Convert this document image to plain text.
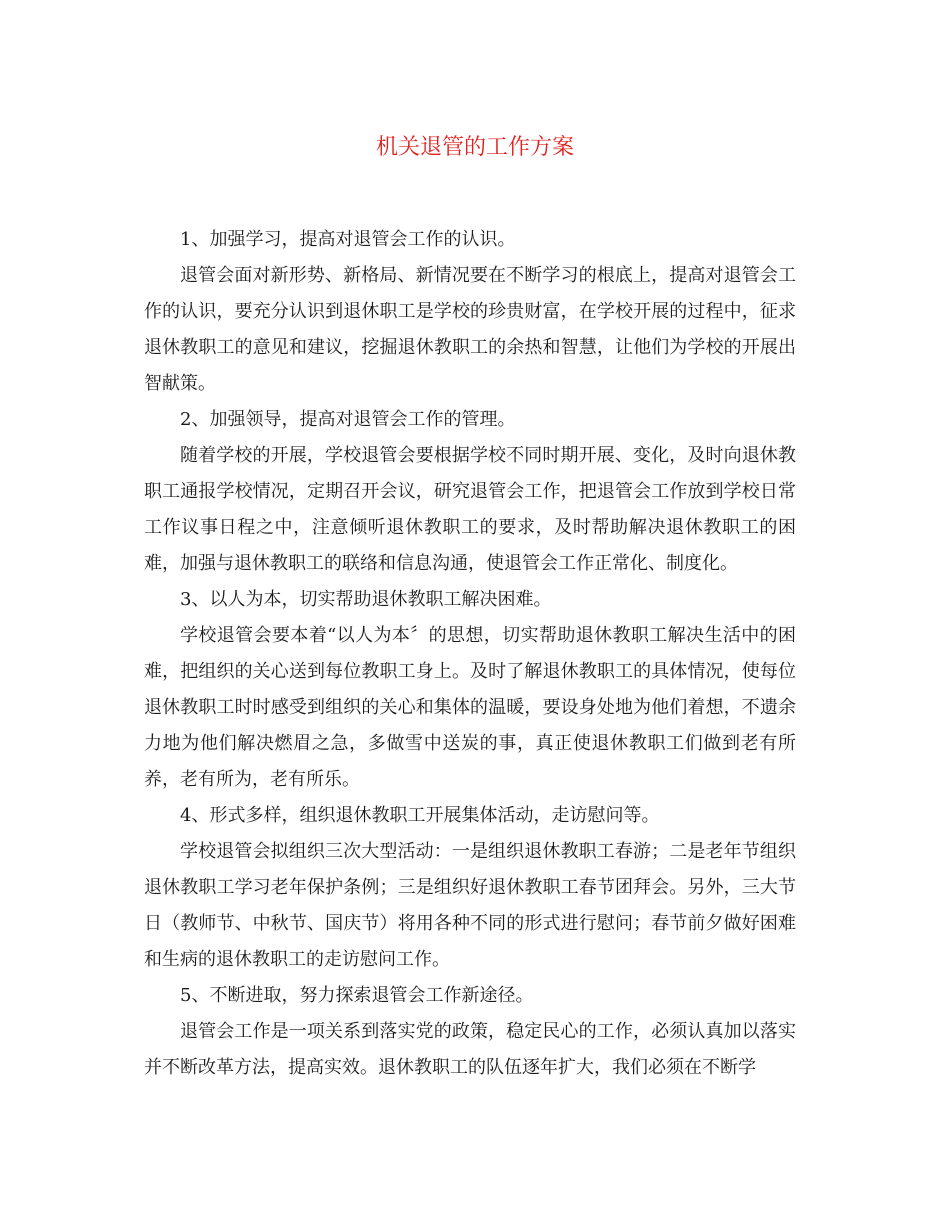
机关退管的工作方案

1、加强学习，提高对退管会工作的认识。

退管会面对新形势、新格局、新情况要在不断学习的根底上，提高对退管会工作的认识，要充分认识到退休职工是学校的珍贵财富，在学校开展的过程中，征求退休教职工的意见和建议，挖掘退休教职工的余热和智慧，让他们为学校的开展出智献策。

2、加强领导，提高对退管会工作的管理。

随着学校的开展，学校退管会要根据学校不同时期开展、变化，及时向退休教职工通报学校情况，定期召开会议，研究退管会工作，把退管会工作放到学校日常工作议事日程之中，注意倾听退休教职工的要求，及时帮助解决退休教职工的困难，加强与退休教职工的联络和信息沟通，使退管会工作正常化、制度化。

3、以人为本，切实帮助退休教职工解决困难。

学校退管会要本着“以人为本〞的思想，切实帮助退休教职工解决生活中的困难，把组织的关心送到每位教职工身上。及时了解退休教职工的具体情况，使每位退休教职工时时感受到组织的关心和集体的温暖，要设身处地为他们着想，不遗余力地为他们解决燃眉之急，多做雪中送炭的事，真正使退休教职工们做到老有所养，老有所为，老有所乐。

4、形式多样，组织退休教职工开展集体活动，走访慰问等。

学校退管会拟组织三次大型活动：一是组织退休教职工春游；二是老年节组织退休教职工学习老年保护条例；三是组织好退休教职工春节团拜会。另外，三大节日（教师节、中秋节、国庆节）将用各种不同的形式进行慰问；春节前夕做好困难和生病的退休教职工的走访慰问工作。

5、不断进取，努力探索退管会工作新途径。

退管会工作是一项关系到落实党的政策，稳定民心的工作，必须认真加以落实并不断改革方法，提高实效。退休教职工的队伍逐年扩大，我们必须在不断学
